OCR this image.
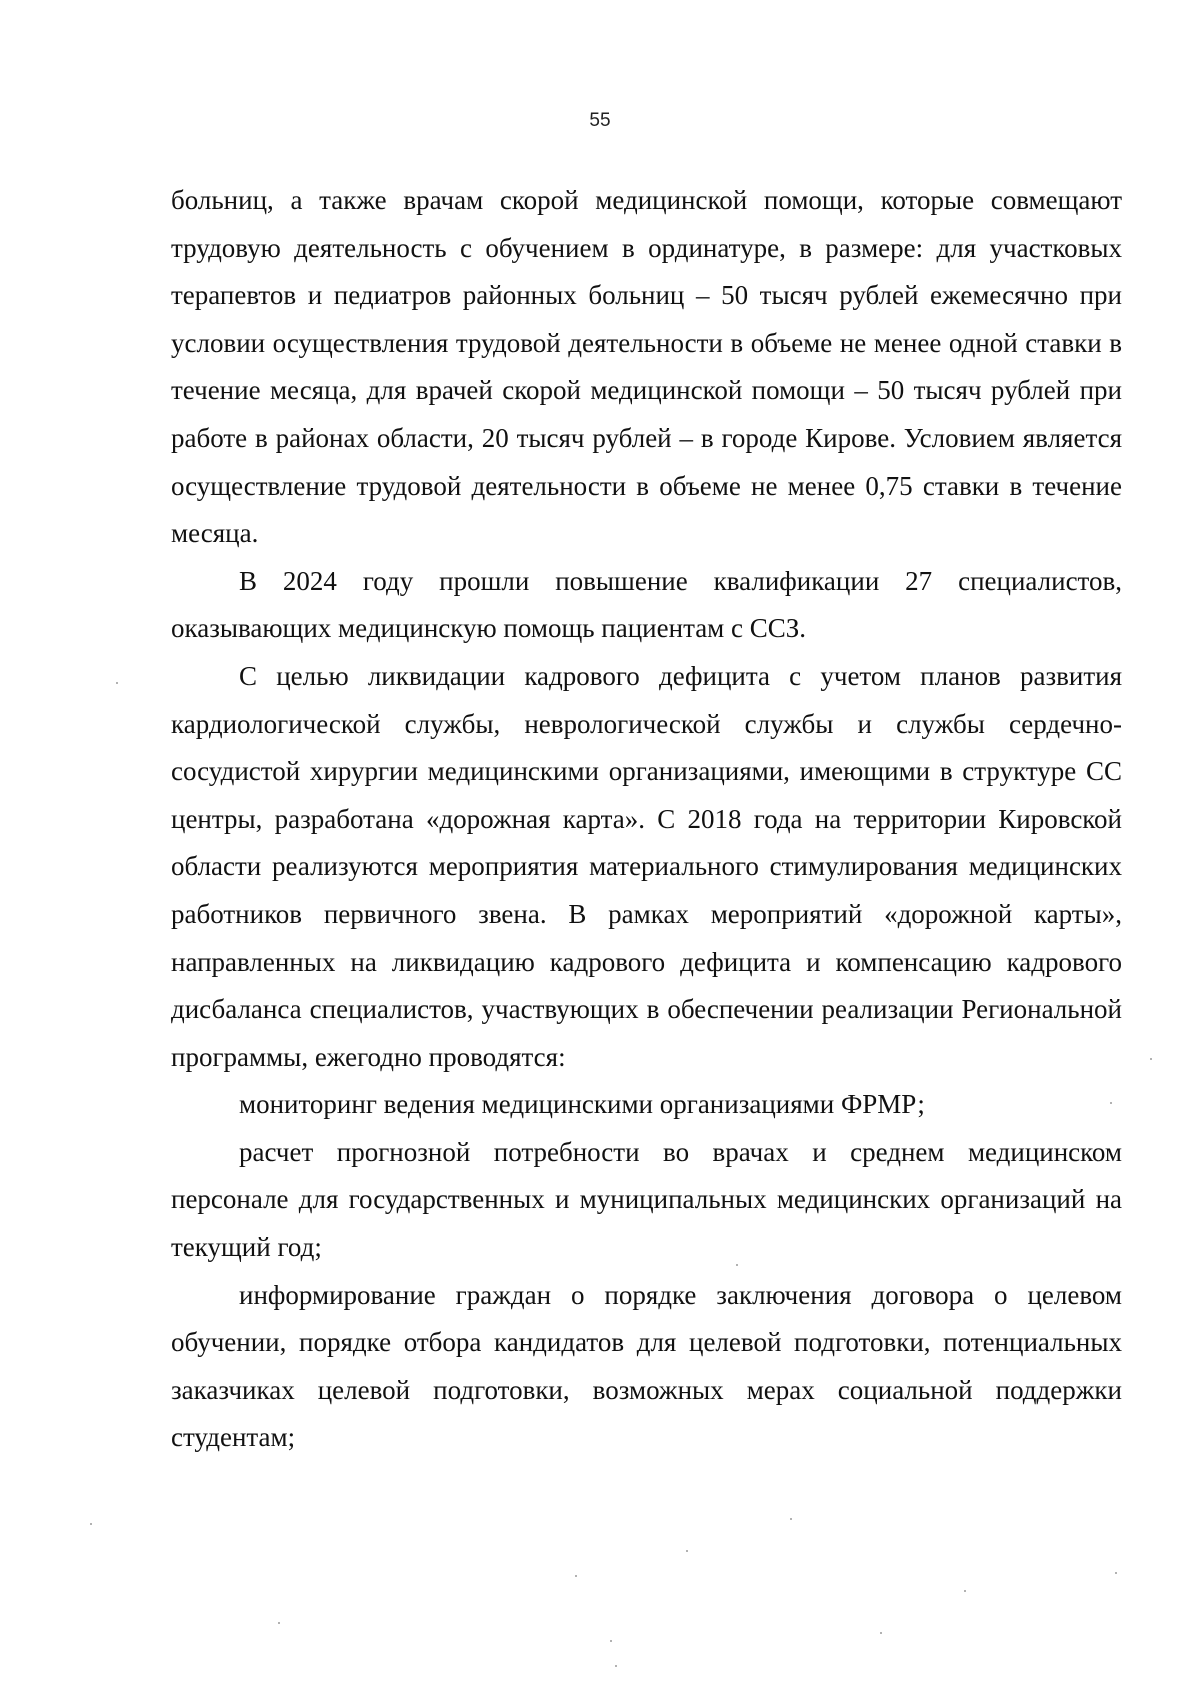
55

больниц, а также врачам скорой медицинской помощи, которые совмещают трудовую деятельность с обучением в ординатуре, в размере: для участковых терапевтов и педиатров районных больниц – 50 тысяч рублей ежемесячно при условии осуществления трудовой деятельности в объеме не менее одной ставки в течение месяца, для врачей скорой медицинской помощи – 50 тысяч рублей при работе в районах области, 20 тысяч рублей – в городе Кирове. Условием является осуществление трудовой деятельности в объеме не менее 0,75 ставки в течение месяца.

В 2024 году прошли повышение квалификации 27 специалистов, оказывающих медицинскую помощь пациентам с ССЗ.

С целью ликвидации кадрового дефицита с учетом планов развития кардиологической службы, неврологической службы и службы сердечно-сосудистой хирургии медицинскими организациями, имеющими в структуре СС центры, разработана «дорожная карта». С 2018 года на территории Кировской области реализуются мероприятия материального стимулирования медицинских работников первичного звена. В рамках мероприятий «дорожной карты», направленных на ликвидацию кадрового дефицита и компенсацию кадрового дисбаланса специалистов, участвующих в обеспечении реализации Региональной программы, ежегодно проводятся:

мониторинг ведения медицинскими организациями ФРМР;

расчет прогнозной потребности во врачах и среднем медицинском персонале для государственных и муниципальных медицинских организаций на текущий год;

информирование граждан о порядке заключения договора о целевом обучении, порядке отбора кандидатов для целевой подготовки, потенциальных заказчиках целевой подготовки, возможных мерах социальной поддержки студентам;
